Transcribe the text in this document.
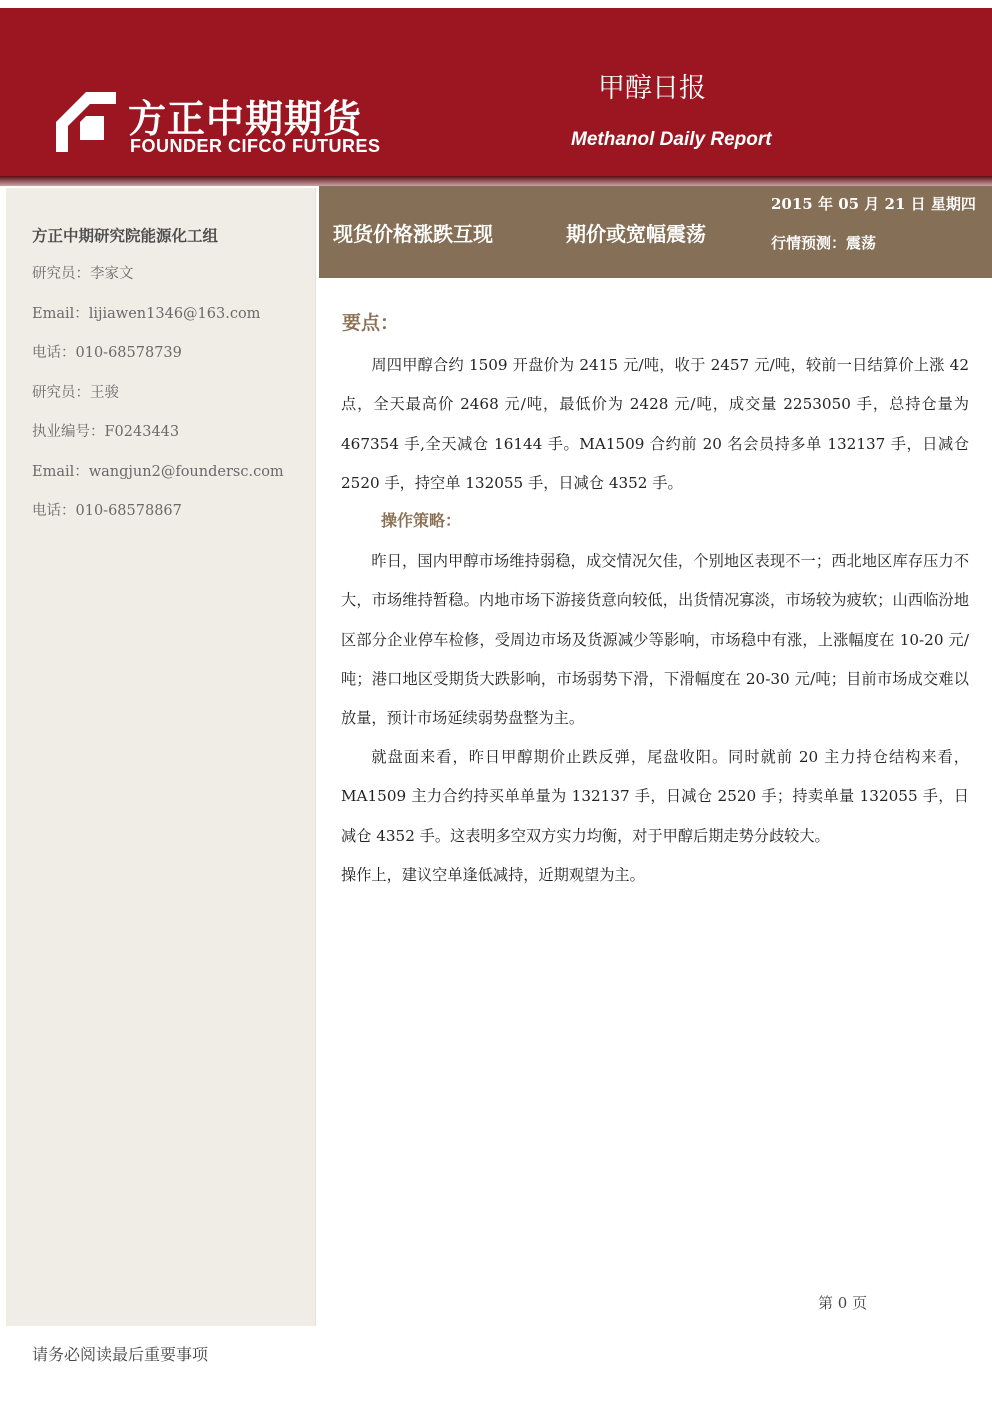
方正中期期货
FOUNDER CIFCO FUTURES
甲醇日报
Methanol Daily Report
方正中期研究院能源化工组
研究员：李家文
Email：lijiawen1346@163.com
电话：010-68578739
研究员：王骏
执业编号：F0243443
Email：wangjun2@foundersc.com
电话：010-68578867
现货价格涨跌互现	期价或宽幅震荡
2015 年 05 月 21 日 星期四
行情预测：震荡
要点：

周四甲醇合约 1509 开盘价为 2415 元/吨，收于 2457 元/吨，较前一日结算价上涨 42 点，全天最高价 2468 元/吨，最低价为 2428 元/吨，成交量 2253050 手，总持仓量为 467354 手,全天减仓 16144 手。MA1509 合约前 20 名会员持多单 132137 手，日减仓 2520 手，持空单 132055 手，日减仓 4352 手。

操作策略：

昨日，国内甲醇市场维持弱稳，成交情况欠佳，个别地区表现不一；西北地区库存压力不大，市场维持暂稳。内地市场下游接货意向较低，出货情况寡淡，市场较为疲软；山西临汾地区部分企业停车检修，受周边市场及货源减少等影响，市场稳中有涨，上涨幅度在 10-20 元/吨；港口地区受期货大跌影响，市场弱势下滑，下滑幅度在 20-30 元/吨；目前市场成交难以放量，预计市场延续弱势盘整为主。

就盘面来看，昨日甲醇期价止跌反弹，尾盘收阳。同时就前 20 主力持仓结构来看，MA1509 主力合约持买单单量为 132137 手，日减仓 2520 手；持卖单量 132055 手，日减仓 4352 手。这表明多空双方实力均衡，对于甲醇后期走势分歧较大。

操作上，建议空单逢低减持，近期观望为主。

第 0 页
请务必阅读最后重要事项
